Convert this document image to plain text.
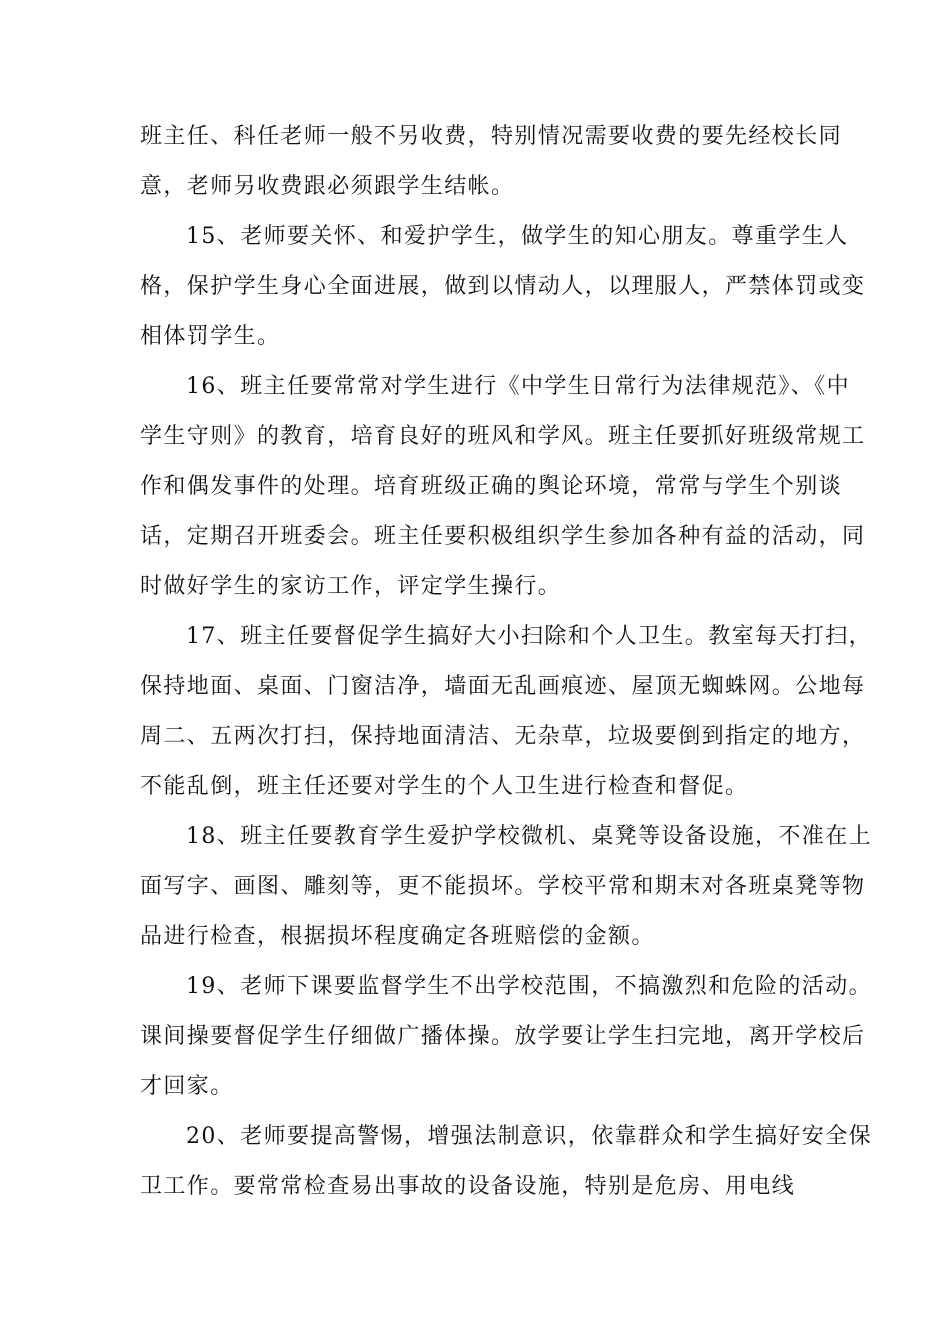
班主任、科任老师一般不另收费，特别情况需要收费的要先经校长同
意，老师另收费跟必须跟学生结帐。
15、老师要关怀、和爱护学生，做学生的知心朋友。尊重学生人
格，保护学生身心全面进展，做到以情动人，以理服人，严禁体罚或变
相体罚学生。
16、班主任要常常对学生进行《中学生日常行为法律规范》、《中
学生守则》的教育，培育良好的班风和学风。班主任要抓好班级常规工
作和偶发事件的处理。培育班级正确的舆论环境，常常与学生个别谈
话，定期召开班委会。班主任要积极组织学生参加各种有益的活动，同
时做好学生的家访工作，评定学生操行。
17、班主任要督促学生搞好大小扫除和个人卫生。教室每天打扫，
保持地面、桌面、门窗洁净，墙面无乱画痕迹、屋顶无蜘蛛网。公地每
周二、五两次打扫，保持地面清洁、无杂草，垃圾要倒到指定的地方，
不能乱倒，班主任还要对学生的个人卫生进行检查和督促。
18、班主任要教育学生爱护学校微机、桌凳等设备设施，不准在上
面写字、画图、雕刻等，更不能损坏。学校平常和期末对各班桌凳等物
品进行检查，根据损坏程度确定各班赔偿的金额。
19、老师下课要监督学生不出学校范围，不搞激烈和危险的活动。
课间操要督促学生仔细做广播体操。放学要让学生扫完地，离开学校后
才回家。
20、老师要提高警惕，增强法制意识，依靠群众和学生搞好安全保
卫工作。要常常检查易出事故的设备设施，特别是危房、用电线
